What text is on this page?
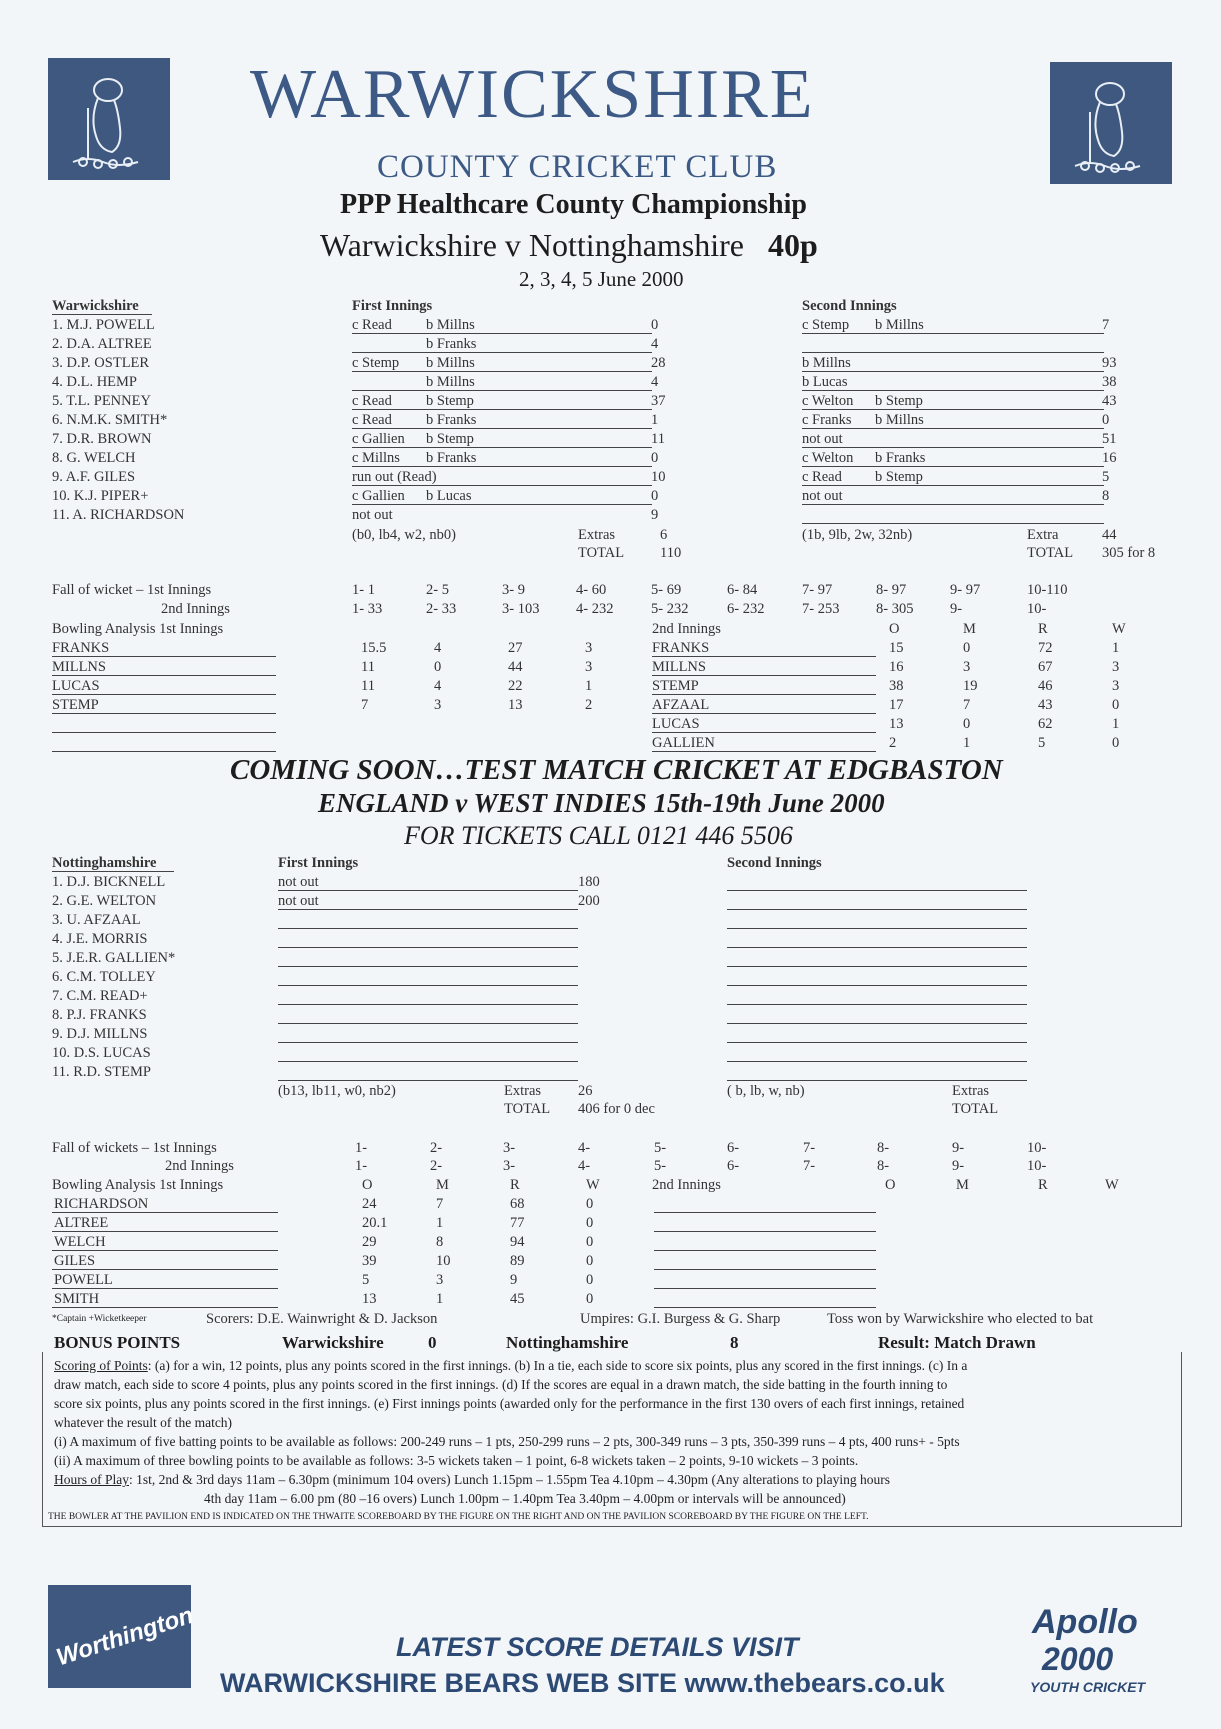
WARWICKSHIRE
COUNTY CRICKET CLUB
PPP Healthcare County Championship
Warwickshire v Nottinghamshire 40p
2, 3, 4, 5 June 2000
Warwickshire	First Innings	Second Innings
1. M.J. POWELL	c Read b Millns	0	c Stemp b Millns	7
2. D.A. ALTREE	b Franks	4
3. D.P. OSTLER	c Stemp b Millns	28	b Millns	93
4. D.L. HEMP	b Millns	4	b Lucas	38
5. T.L. PENNEY	c Read b Stemp	37	c Welton b Stemp	43
6. N.M.K. SMITH*	c Read b Franks	1	c Franks b Millns	0
7. D.R. BROWN	c Gallien b Stemp	11	not out	51
8. G. WELCH	c Millns b Franks	0	c Welton b Franks	16
9. A.F. GILES	run out (Read)	10	c Read b Stemp	5
10. K.J. PIPER+	c Gallien b Lucas	0	not out	8
11. A. RICHARDSON	not out	9
(b0, lb4, w2, nb0)	Extras	6
TOTAL 110
(1b, 9lb, 2w, 32nb)	Extra	44
TOTAL 305 for 8
Fall of wicket – 1st Innings
2nd Innings
1- 1	2- 5	3- 9	4- 60	5- 69	6- 84	7- 97	8- 97	9- 97	10-110
1- 33	2- 33	3- 103	4- 232	5- 232	6- 232	7- 253	8- 305	9-	10-
Bowling Analysis 1st Innings	2nd Innings	O	M	R	W
FRANKS	15.5	4	27	3
MILLNS	11	0	44	3
LUCAS	11	4	22	1
STEMP	7	3	13	2
FRANKS	15	0	72	1
MILLNS	16	3	67	3
STEMP	38	19	46	3
AFZAAL	17	7	43	0
LUCAS	13	0	62	1
GALLIEN	2	1	5	0
COMING SOON…TEST MATCH CRICKET AT EDGBASTON
ENGLAND v WEST INDIES 15th-19th June 2000
FOR TICKETS CALL 0121 446 5506
Nottinghamshire	First Innings	Second Innings
1. D.J. BICKNELL	not out	180
2. G.E. WELTON	not out	200
3. U. AFZAAL
4. J.E. MORRIS
5. J.E.R. GALLIEN*
6. C.M. TOLLEY
7. C.M. READ+
8. P.J. FRANKS
9. D.J. MILLNS
10. D.S. LUCAS
11. R.D. STEMP
(b13, lb11, w0, nb2)	Extras	26
TOTAL 406 for 0 dec
( b, lb, w, nb)	Extras
TOTAL
Fall of wickets – 1st Innings
2nd Innings
1-	2-	3-	4-	5-	6-	7-	8-	9-	10-
1-	2-	3-	4-	5-	6-	7-	8-	9-	10-
Bowling Analysis 1st Innings	O	M	R	W	2nd Innings	O	M	R	W
RICHARDSON	24	7	68	0
ALTREE	20.1	1	77	0
WELCH	29	8	94	0
GILES	39	10	89	0
POWELL	5	3	9	0
SMITH	13	1	45	0
*Captain +Wicketkeeper	Scorers: D.E. Wainwright & D. Jackson	Umpires: G.I. Burgess & G. Sharp	Toss won by Warwickshire who elected to bat
BONUS POINTS	Warwickshire	0	Nottinghamshire	8	Result: Match Drawn
Scoring of Points: (a) for a win, 12 points, plus any points scored in the first innings. (b) In a tie, each side to score six points, plus any scored in the first innings. (c) In a
draw match, each side to score 4 points, plus any points scored in the first innings. (d) If the scores are equal in a drawn match, the side batting in the fourth inning to
score six points, plus any points scored in the first innings. (e) First innings points (awarded only for the performance in the first 130 overs of each first innings, retained
whatever the result of the match)
(i) A maximum of five batting points to be available as follows: 200-249 runs – 1 pts, 250-299 runs – 2 pts, 300-349 runs – 3 pts, 350-399 runs – 4 pts, 400 runs+ - 5pts
(ii) A maximum of three bowling points to be available as follows: 3-5 wickets taken – 1 point, 6-8 wickets taken – 2 points, 9-10 wickets – 3 points.
Hours of Play: 1st, 2nd & 3rd days 11am – 6.30pm (minimum 104 overs) Lunch 1.15pm – 1.55pm Tea 4.10pm – 4.30pm (Any alterations to playing hours
4th day 11am – 6.00 pm (80 –16 overs) Lunch 1.00pm – 1.40pm Tea 3.40pm – 4.00pm or intervals will be announced)
THE BOWLER AT THE PAVILION END IS INDICATED ON THE THWAITE SCOREBOARD BY THE FIGURE ON THE RIGHT AND ON THE PAVILION SCOREBOARD BY THE FIGURE ON THE LEFT.
Worthington	LATEST SCORE DETAILS VISIT
WARWICKSHIRE BEARS WEB SITE www.thebears.co.uk
Apollo
2000
YOUTH CRICKET
